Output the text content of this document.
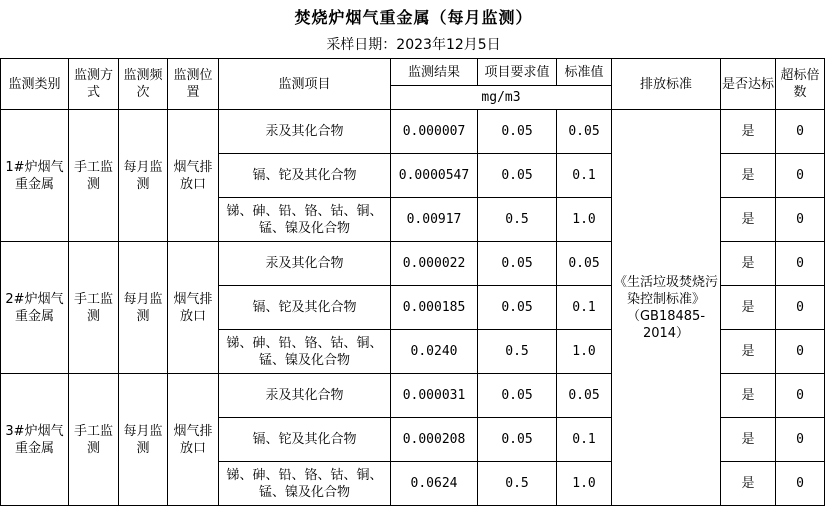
焚烧炉烟气重金属（每月监测）
采样日期：2023年12月5日
监测类别	监测方式	监测频次	监测位置	监测项目	监测结果	项目要求值	标准值	排放标准	是否达标	超标倍数
					mg/m3					
1#炉烟气重金属	手工监测	每月监测	烟气排放口	汞及其化合物	0.000007	0.05	0.05	《生活垃圾焚烧污染控制标准》（GB18485-2014）	是	0
				镉、铊及其化合物	0.0000547	0.05	0.1		是	0
				锑、砷、铅、铬、钴、铜、锰、镍及化合物	0.00917	0.5	1.0		是	0
2#炉烟气重金属	手工监测	每月监测	烟气排放口	汞及其化合物	0.000022	0.05	0.05		是	0
				镉、铊及其化合物	0.000185	0.05	0.1		是	0
				锑、砷、铅、铬、钴、铜、锰、镍及化合物	0.0240	0.5	1.0		是	0
3#炉烟气重金属	手工监测	每月监测	烟气排放口	汞及其化合物	0.000031	0.05	0.05		是	0
				镉、铊及其化合物	0.000208	0.05	0.1		是	0
				锑、砷、铅、铬、钴、铜、锰、镍及化合物	0.0624	0.5	1.0		是	0
